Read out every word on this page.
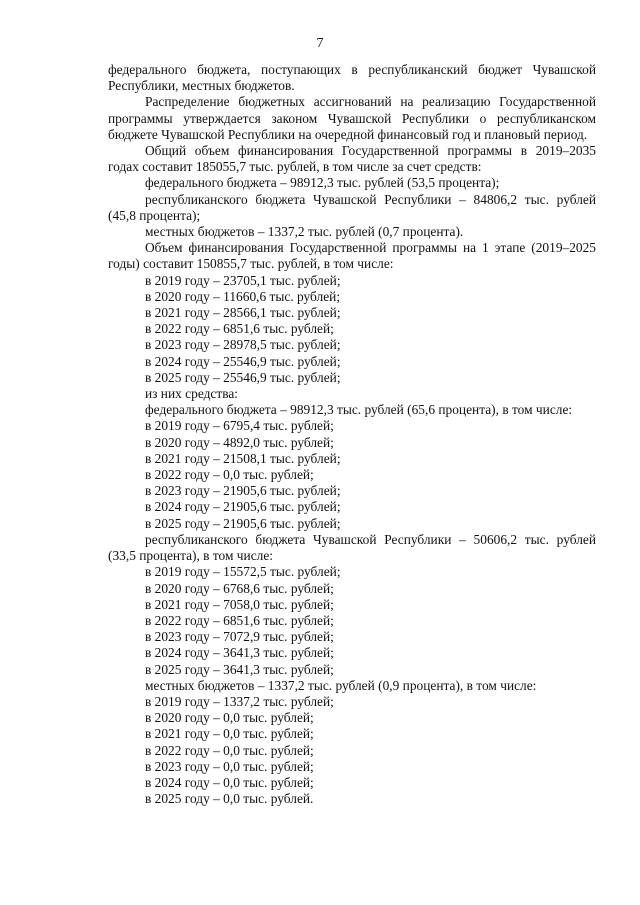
7

федерального бюджета, поступающих в республиканский бюджет Чувашской Республики, местных бюджетов.

Распределение бюджетных ассигнований на реализацию Государственной программы утверждается законом Чувашской Республики о республиканском бюджете Чувашской Республики на очередной финансовый год и плановый период.

Общий объем финансирования Государственной программы в 2019–2035 годах составит 185055,7 тыс. рублей, в том числе за счет средств:

федерального бюджета – 98912,3 тыс. рублей (53,5 процента);

республиканского бюджета Чувашской Республики – 84806,2 тыс. рублей (45,8 процента);

местных бюджетов – 1337,2 тыс. рублей (0,7 процента).

Объем финансирования Государственной программы на 1 этапе (2019–2025 годы) составит 150855,7 тыс. рублей, в том числе:

в 2019 году – 23705,1 тыс. рублей;

в 2020 году – 11660,6 тыс. рублей;

в 2021 году – 28566,1 тыс. рублей;

в 2022 году – 6851,6 тыс. рублей;

в 2023 году – 28978,5 тыс. рублей;

в 2024 году – 25546,9 тыс. рублей;

в 2025 году – 25546,9 тыс. рублей;

из них средства:

федерального бюджета – 98912,3 тыс. рублей (65,6 процента), в том числе:

в 2019 году – 6795,4 тыс. рублей;

в 2020 году – 4892,0 тыс. рублей;

в 2021 году – 21508,1 тыс. рублей;

в 2022 году – 0,0 тыс. рублей;

в 2023 году – 21905,6 тыс. рублей;

в 2024 году – 21905,6 тыс. рублей;

в 2025 году – 21905,6 тыс. рублей;

республиканского бюджета Чувашской Республики – 50606,2 тыс. рублей (33,5 процента), в том числе:

в 2019 году – 15572,5 тыс. рублей;

в 2020 году – 6768,6 тыс. рублей;

в 2021 году – 7058,0 тыс. рублей;

в 2022 году – 6851,6 тыс. рублей;

в 2023 году – 7072,9 тыс. рублей;

в 2024 году – 3641,3 тыс. рублей;

в 2025 году – 3641,3 тыс. рублей;

местных бюджетов – 1337,2 тыс. рублей (0,9 процента), в том числе:

в 2019 году – 1337,2 тыс. рублей;

в 2020 году – 0,0 тыс. рублей;

в 2021 году – 0,0 тыс. рублей;

в 2022 году – 0,0 тыс. рублей;

в 2023 году – 0,0 тыс. рублей;

в 2024 году – 0,0 тыс. рублей;

в 2025 году – 0,0 тыс. рублей.
